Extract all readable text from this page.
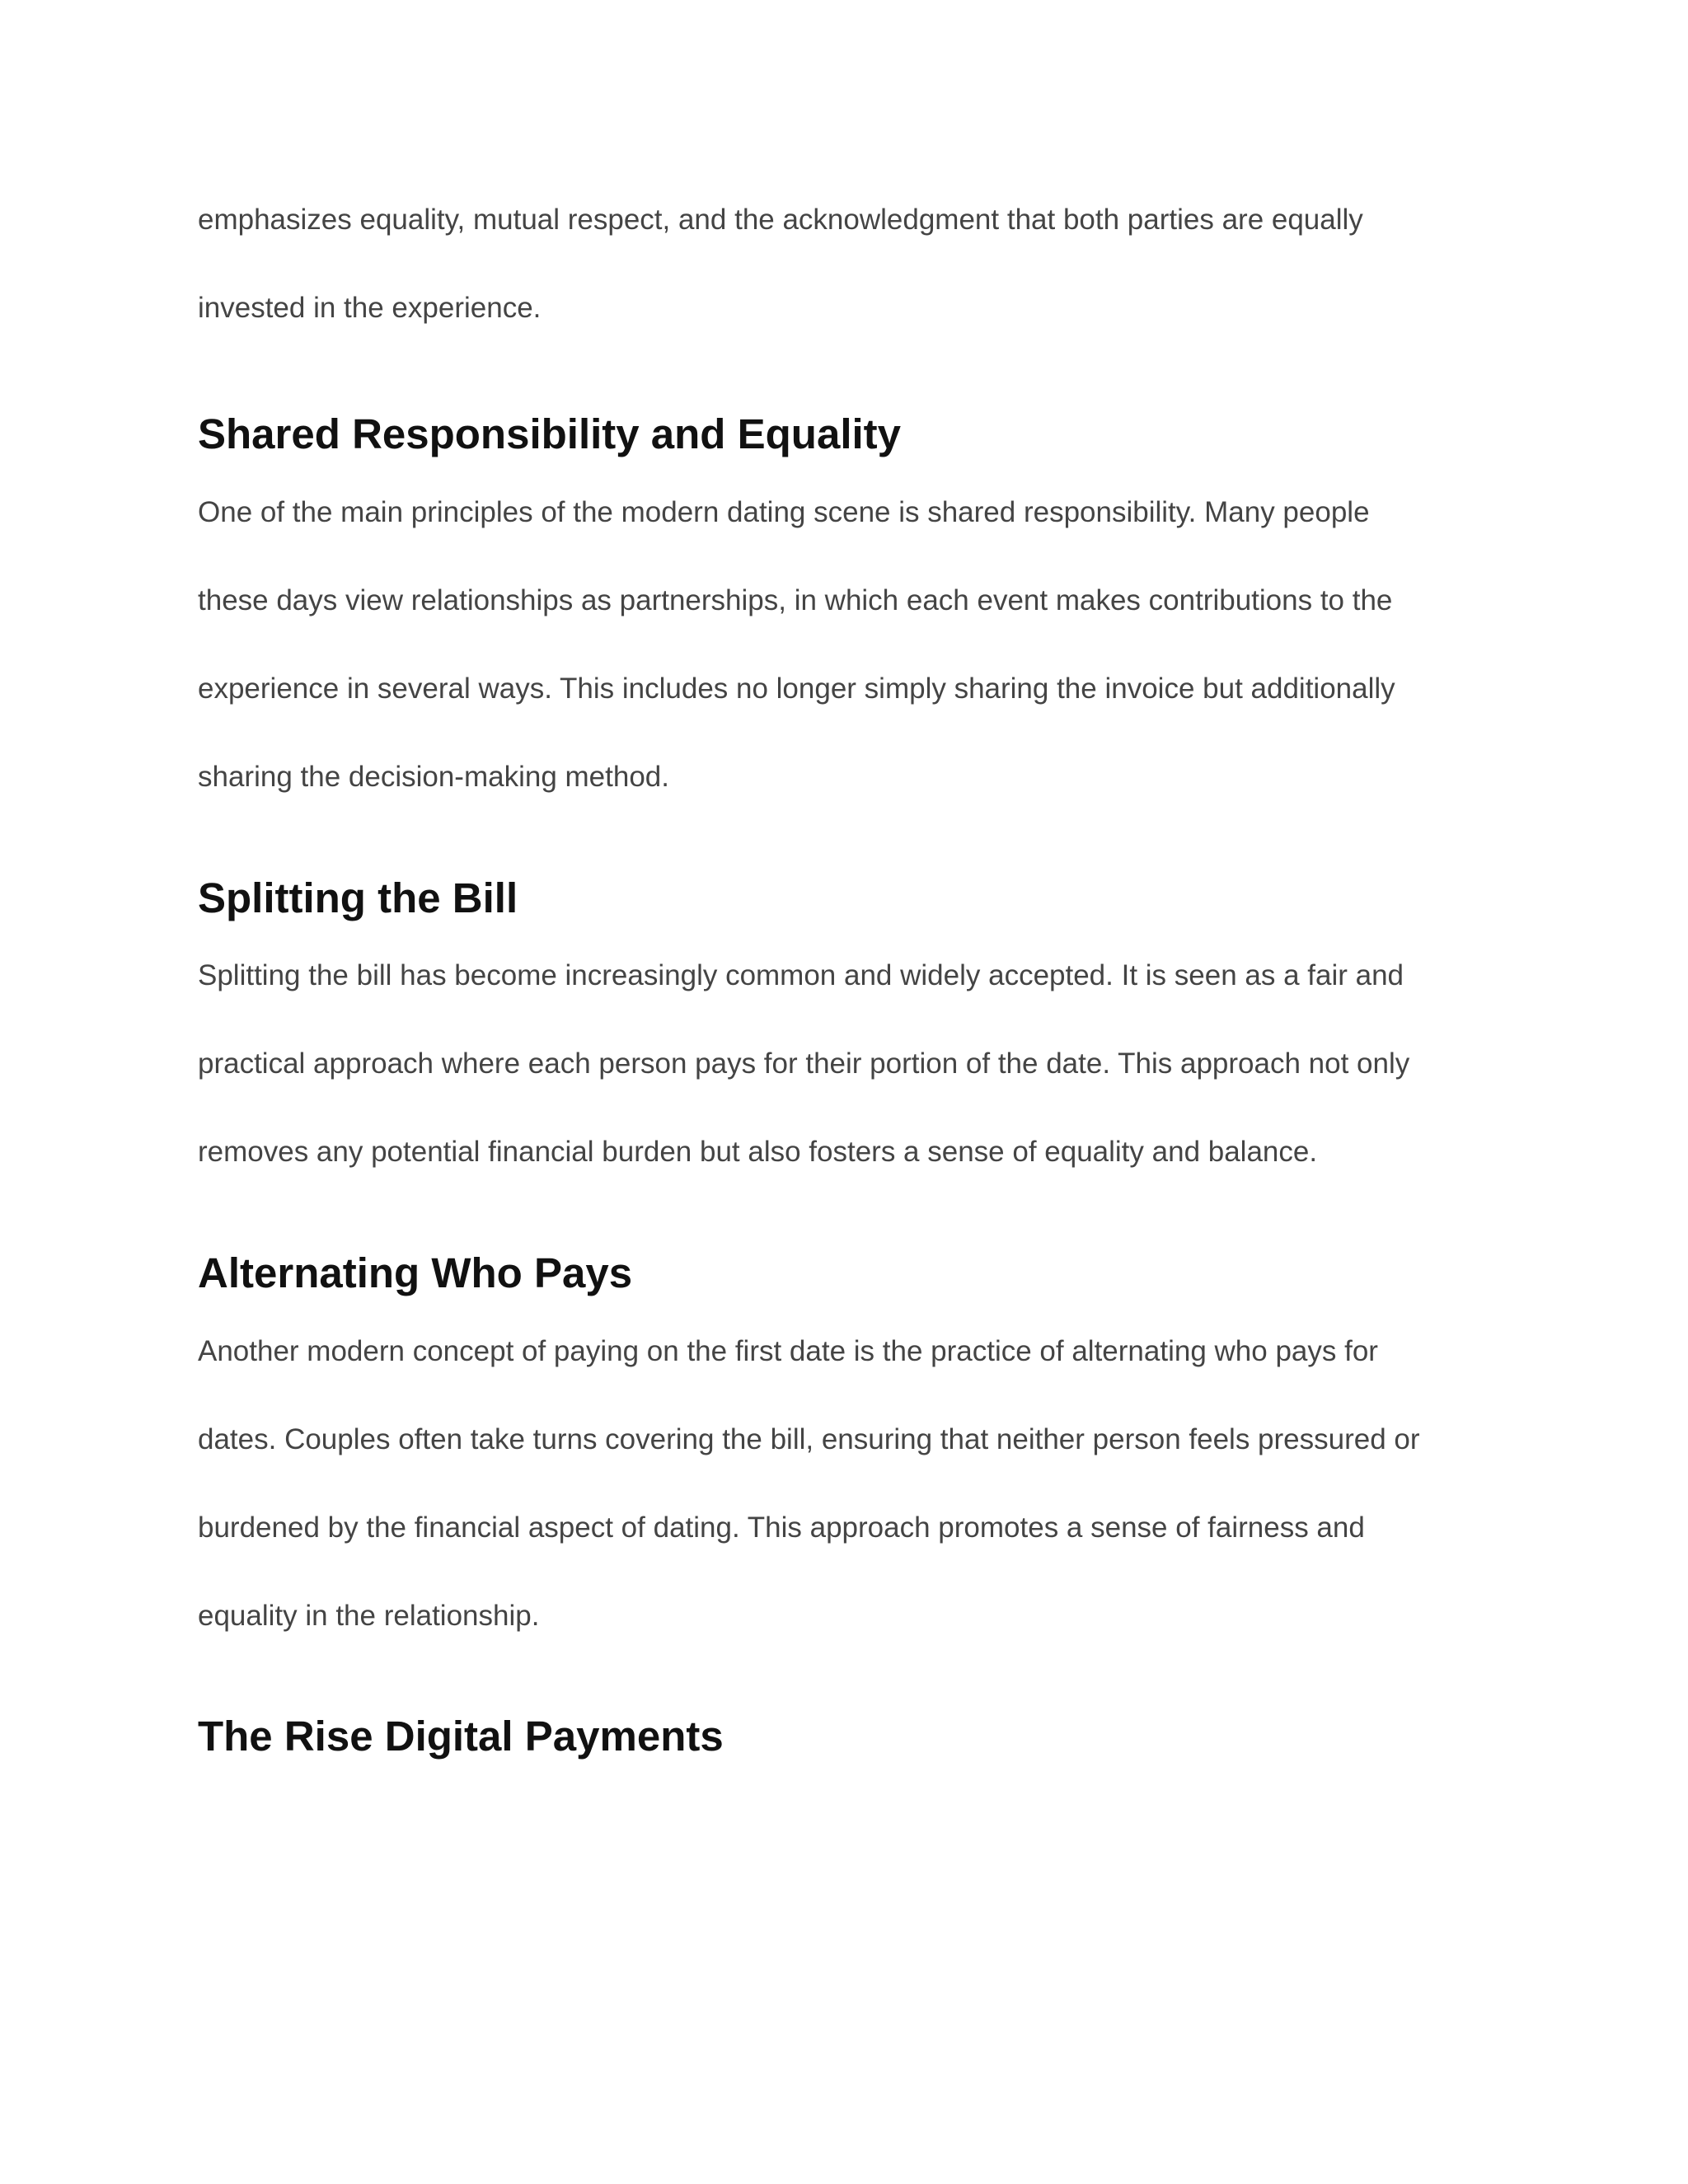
emphasizes equality, mutual respect, and the acknowledgment that both parties are equally

invested in the experience.

Shared Responsibility and Equality

One of the main principles of the modern dating scene is shared responsibility. Many people

these days view relationships as partnerships, in which each event makes contributions to the

experience in several ways. This includes no longer simply sharing the invoice but additionally

sharing the decision-making method.

Splitting the Bill

Splitting the bill has become increasingly common and widely accepted. It is seen as a fair and

practical approach where each person pays for their portion of the date. This approach not only

removes any potential financial burden but also fosters a sense of equality and balance.

Alternating Who Pays

Another modern concept of paying on the first date is the practice of alternating who pays for

dates. Couples often take turns covering the bill, ensuring that neither person feels pressured or

burdened by the financial aspect of dating. This approach promotes a sense of fairness and

equality in the relationship.

The Rise Digital Payments
